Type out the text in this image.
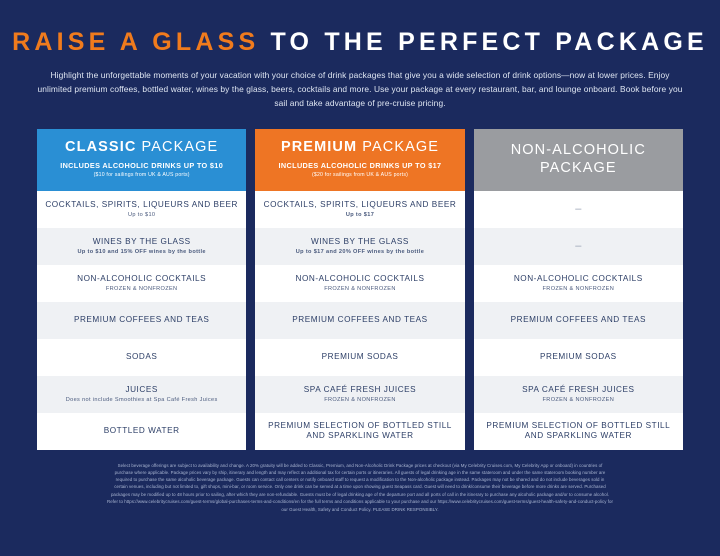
RAISE A GLASS TO THE PERFECT PACKAGE
Highlight the unforgettable moments of your vacation with your choice of drink packages that give you a wide selection of drink options—now at lower prices. Enjoy unlimited premium coffees, bottled water, wines by the glass, beers, cocktails and more. Use your package at every restaurant, bar, and lounge onboard. Book before you sail and take advantage of pre-cruise pricing.
CLASSIC PACKAGE
INCLUDES ALCOHOLIC DRINKS UP TO $10
($10 for sailings from UK & AUS ports)
COCKTAILS, SPIRITS, LIQUEURS AND BEER
Up to $10
WINES BY THE GLASS
Up to $10 and 15% OFF wines by the bottle
NON-ALCOHOLIC COCKTAILS
FROZEN & NONFROZEN
PREMIUM COFFEES AND TEAS
SODAS
JUICES
Does not include Smoothies at Spa Café Fresh Juices
BOTTLED WATER
PREMIUM PACKAGE
INCLUDES ALCOHOLIC DRINKS UP TO $17
($20 for sailings from UK & AUS ports)
COCKTAILS, SPIRITS, LIQUEURS AND BEER
Up to $17
WINES BY THE GLASS
Up to $17 and 20% OFF wines by the bottle
NON-ALCOHOLIC COCKTAILS
FROZEN & NONFROZEN
PREMIUM COFFEES AND TEAS
PREMIUM SODAS
SPA CAFÉ FRESH JUICES
FROZEN & NONFROZEN
PREMIUM SELECTION OF BOTTLED STILL AND SPARKLING WATER
NON-ALCOHOLIC
PACKAGE
–
–
NON-ALCOHOLIC COCKTAILS
FROZEN & NONFROZEN
PREMIUM COFFEES AND TEAS
PREMIUM SODAS
SPA CAFÉ FRESH JUICES
FROZEN & NONFROZEN
PREMIUM SELECTION OF BOTTLED STILL AND SPARKLING WATER

Select beverage offerings are subject to availability and change. A 20% gratuity will be added to Classic, Premium, and Non-Alcoholic Drink Package prices at checkout (via My Celebrity Cruises.com, My Celebrity App or onboard) in countries of

purchase where applicable. Package prices vary by ship, itinerary and length and may reflect an additional tax for certain ports or itineraries. All guests of legal drinking age in the same stateroom and under the same stateroom booking number are

required to purchase the same alcoholic beverage package. Guests can contact call centers or notify onboard staff to request a modification to the Non-alcoholic package instead. Packages may not be shared and do not include beverages sold in

certain venues, including but not limited to, gift shops, mini-bar, or room service. Only one drink can be served at a time upon showing guest Seapass card. Guest will need to drink/consume their beverage before more drinks are served. Purchased

packages may be modified up to 48 hours prior to sailing, after which they are non-refundable. Guests must be of legal drinking age of the departure port and all ports of call in the itinerary to purchase any alcoholic package and/or to consume alcohol.

Refer to https://www.celebritycruises.com/guest-terms/global-purchases-terms-and-conditions/en for the full terms and conditions applicable to your purchase and our https://www.celebritycruises.com/guest-terms/guest-health-safety-and-conduct-policy for

our Guest Health, Safety and Conduct Policy. PLEASE DRINK RESPONSIBLY.
